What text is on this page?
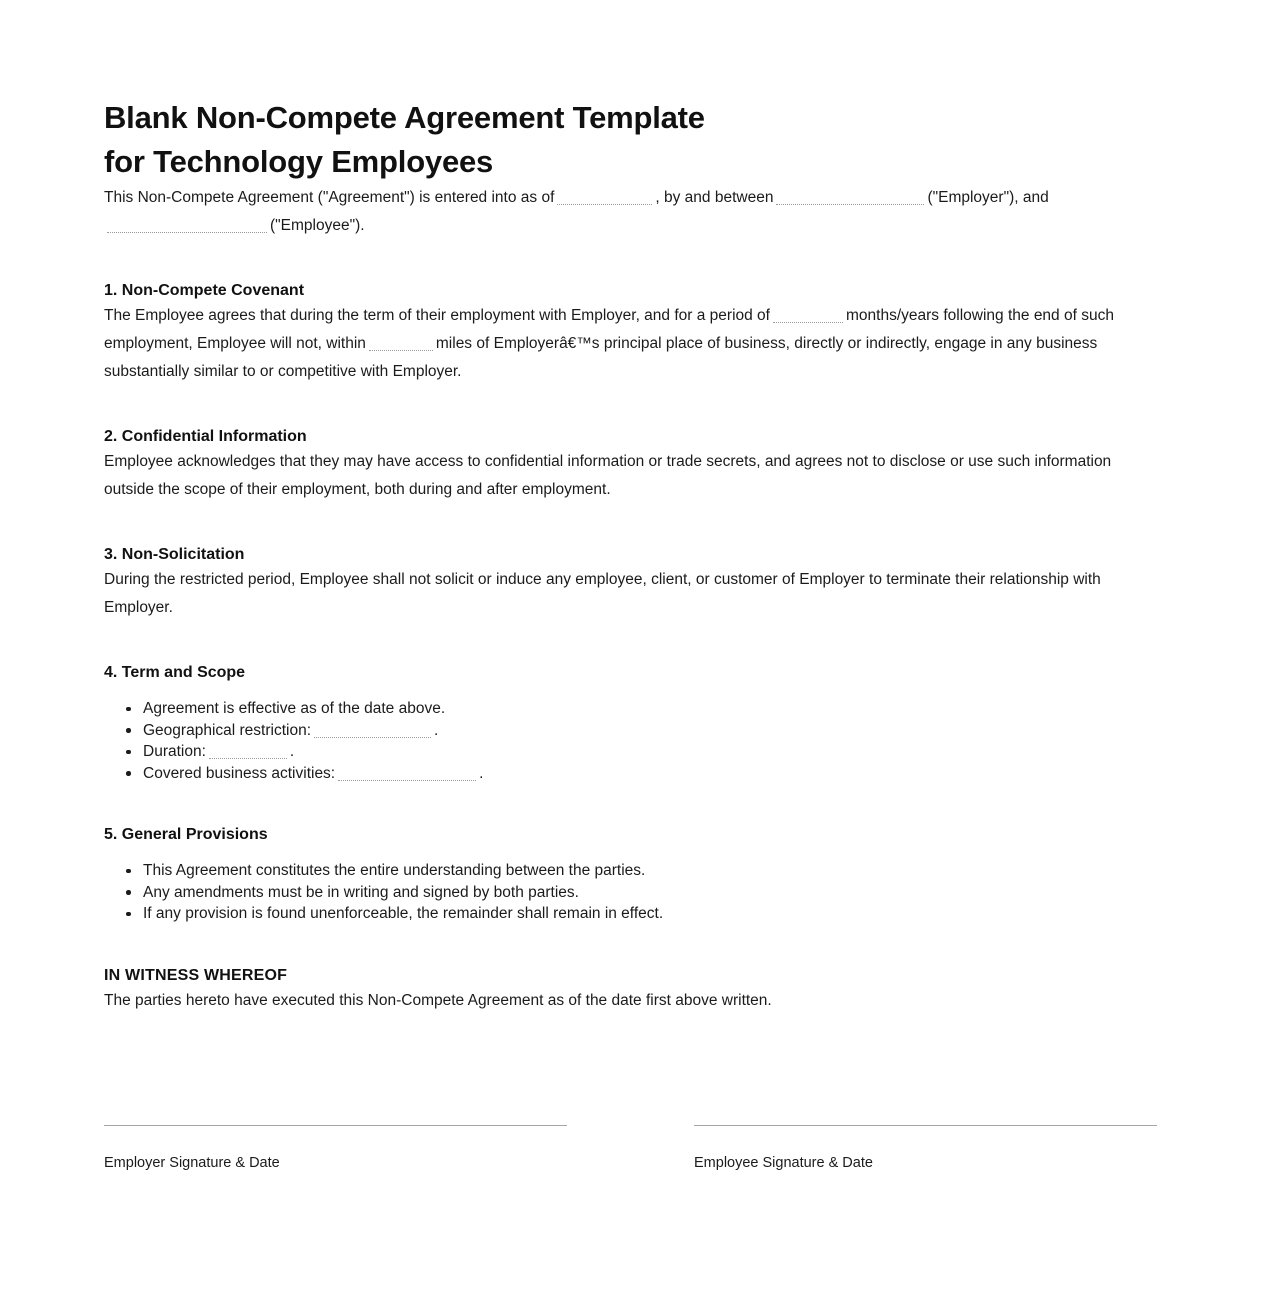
Blank Non-Compete Agreement Template
for Technology Employees

This Non-Compete Agreement ("Agreement") is entered into as of	, by and between	("Employer"), and ("Employee").

1. Non-Compete Covenant

The Employee agrees that during the term of their employment with Employer, and for a period of	months/years following the end of such employment, Employee will not, within	miles of Employerâ€™s principal place of business, directly or indirectly, engage in any business substantially similar to or competitive with Employer.

2. Confidential Information

Employee acknowledges that they may have access to confidential information or trade secrets, and agrees not to disclose or use such information outside the scope of their employment, both during and after employment.

3. Non-Solicitation

During the restricted period, Employee shall not solicit or induce any employee, client, or customer of Employer to terminate their relationship with Employer.

4. Term and Scope
Agreement is effective as of the date above.
Geographical restriction:	.
Duration:	.
Covered business activities:	.
5. General Provisions
This Agreement constitutes the entire understanding between the parties.
Any amendments must be in writing and signed by both parties.
If any provision is found unenforceable, the remainder shall remain in effect.
IN WITNESS WHEREOF

The parties hereto have executed this Non-Compete Agreement as of the date first above written.

Employer Signature & Date	Employee Signature & Date
